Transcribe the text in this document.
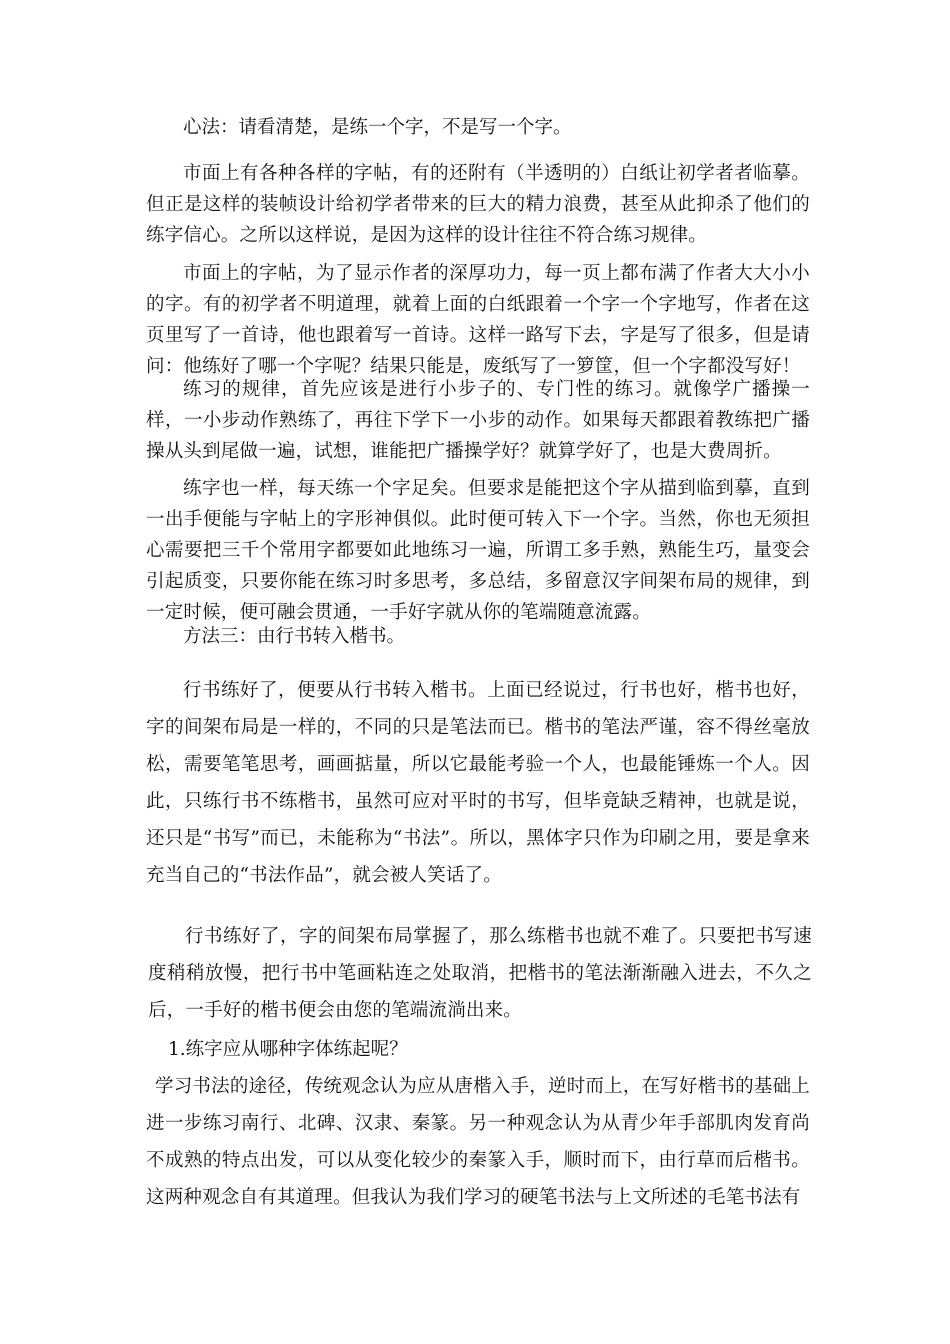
心法：请看清楚，是练一个字，不是写一个字。

市面上有各种各样的字帖，有的还附有（半透明的）白纸让初学者者临摹。但正是这样的装帧设计给初学者带来的巨大的精力浪费，甚至从此抑杀了他们的练字信心。之所以这样说，是因为这样的设计往往不符合练习规律。

市面上的字帖，为了显示作者的深厚功力，每一页上都布满了作者大大小小的字。有的初学者不明道理，就着上面的白纸跟着一个字一个字地写，作者在这页里写了一首诗，他也跟着写一首诗。这样一路写下去，字是写了很多，但是请问：他练好了哪一个字呢？结果只能是，废纸写了一箩筐，但一个字都没写好！

练习的规律，首先应该是进行小步子的、专门性的练习。就像学广播操一样，一小步动作熟练了，再往下学下一小步的动作。如果每天都跟着教练把广播操从头到尾做一遍，试想，谁能把广播操学好？就算学好了，也是大费周折。

练字也一样，每天练一个字足矣。但要求是能把这个字从描到临到摹，直到一出手便能与字帖上的字形神俱似。此时便可转入下一个字。当然，你也无须担心需要把三千个常用字都要如此地练习一遍，所谓工多手熟，熟能生巧，量变会引起质变，只要你能在练习时多思考，多总结，多留意汉字间架布局的规律，到一定时候，便可融会贯通，一手好字就从你的笔端随意流露。

方法三：由行书转入楷书。

行书练好了，便要从行书转入楷书。上面已经说过，行书也好，楷书也好，字的间架布局是一样的，不同的只是笔法而已。楷书的笔法严谨，容不得丝毫放松，需要笔笔思考，画画掂量，所以它最能考验一个人，也最能锤炼一个人。因此，只练行书不练楷书，虽然可应对平时的书写，但毕竟缺乏精神，也就是说，还只是“书写”而已，未能称为“书法”。所以，黑体字只作为印刷之用，要是拿来充当自己的“书法作品”，就会被人笑话了。

行书练好了，字的间架布局掌握了，那么练楷书也就不难了。只要把书写速度稍稍放慢，把行书中笔画粘连之处取消，把楷书的笔法渐渐融入进去，不久之后，一手好的楷书便会由您的笔端流淌出来。

1.练字应从哪种字体练起呢？

学习书法的途径，传统观念认为应从唐楷入手，逆时而上，在写好楷书的基础上进一步练习南行、北碑、汉隶、秦篆。另一种观念认为从青少年手部肌肉发育尚不成熟的特点出发，可以从变化较少的秦篆入手，顺时而下，由行草而后楷书。这两种观念自有其道理。但我认为我们学习的硬笔书法与上文所述的毛笔书法有
